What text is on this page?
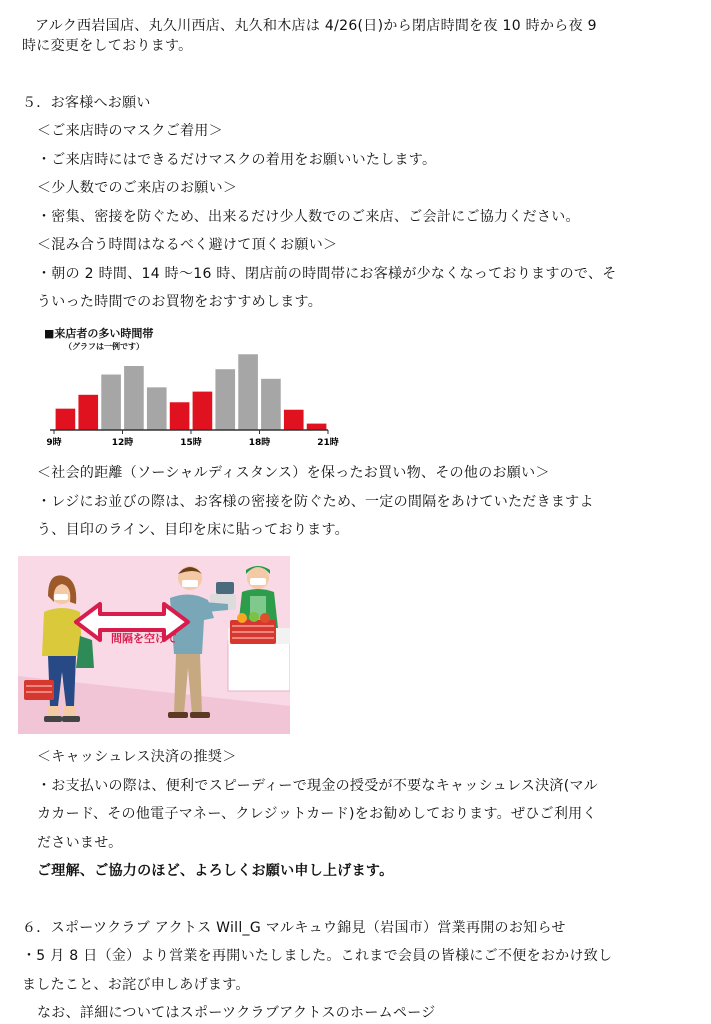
アルク西岩国店、丸久川西店、丸久和木店は 4/26(日)から閉店時間を夜 10 時から夜 9
時に変更をしております。
５．お客様へお願い
＜ご来店時のマスクご着用＞
・ご来店時にはできるだけマスクの着用をお願いいたします。
＜少人数でのご来店のお願い＞
・密集、密接を防ぐため、出来るだけ少人数でのご来店、ご会計にご協力ください。
＜混み合う時間はなるべく避けて頂くお願い＞
・朝の 2 時間、14 時～16 時、閉店前の時間帯にお客様が少なくなっておりますので、そ
ういった時間でのお買物をおすすめします。
9時	12時	15時	18時	21時
■来店者の多い時間帯
（グラフは一例です）
＜社会的距離（ソーシャルディスタンス）を保ったお買い物、その他のお願い＞
・レジにお並びの際は、お客様の密接を防ぐため、一定の間隔をあけていただきますよ
う、目印のライン、目印を床に貼っております。
間隔を空けて
＜キャッシュレス決済の推奨＞
・お支払いの際は、便利でスピーディーで現金の授受が不要なキャッシュレス決済(マル
カカード、その他電子マネー、クレジットカード)をお勧めしております。ぜひご利用く
ださいませ。
ご理解、ご協力のほど、よろしくお願い申し上げます。
６．スポーツクラブ アクトス Will_G マルキュウ錦見（岩国市）営業再開のお知らせ
・5 月 8 日（金）より営業を再開いたしました。これまで会員の皆様にご不便をおかけ致し
ましたこと、お詫び申しあげます。
なお、詳細についてはスポーツクラブアクトスのホームページ
